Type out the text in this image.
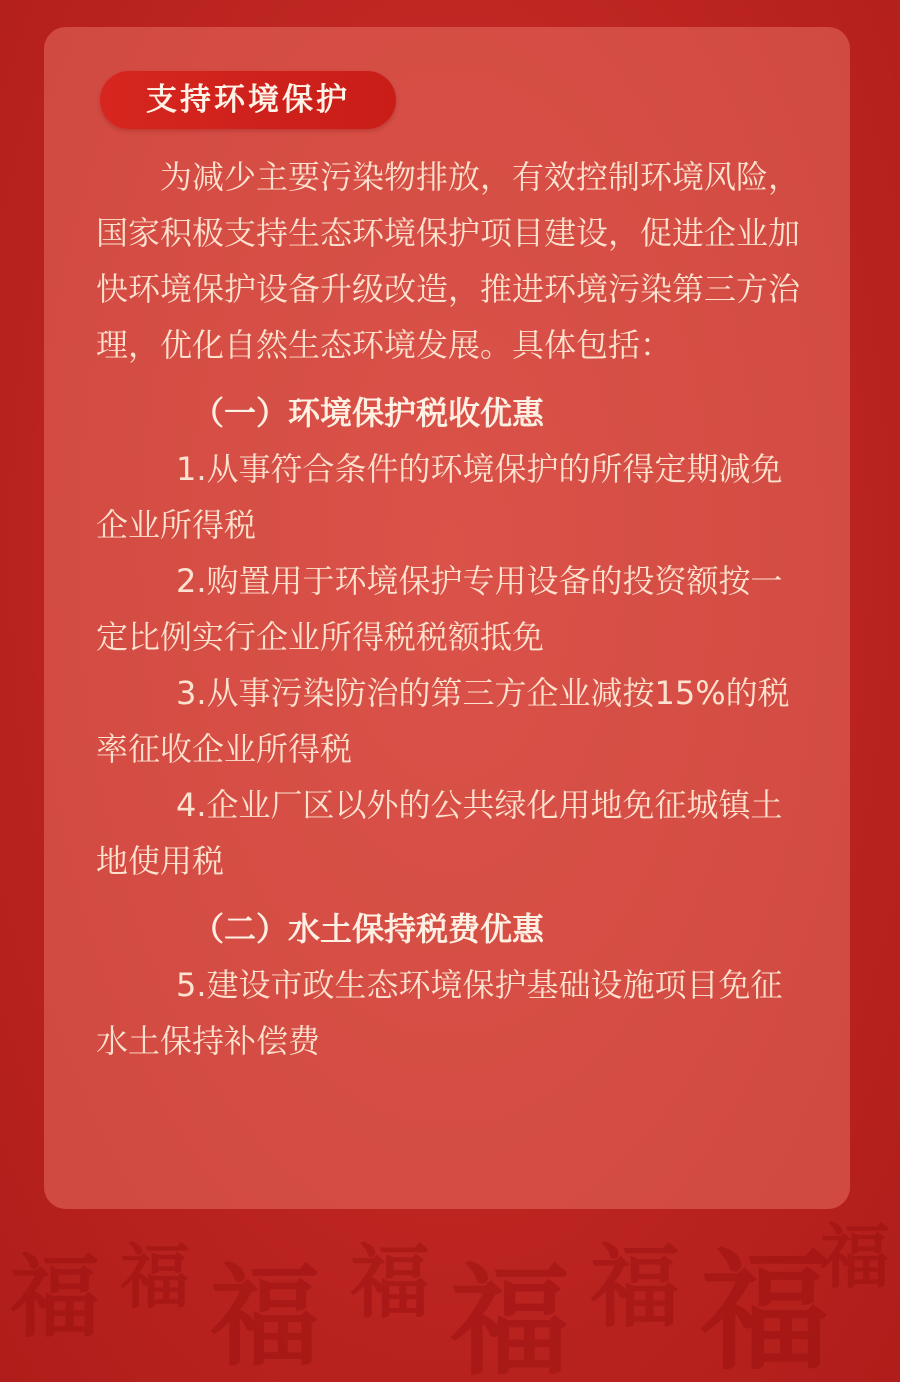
福 福 福 福 福 福 福
福
支持环境保护

为减少主要污染物排放，有效控制环境风险，国家积极支持生态环境保护项目建设，促进企业加快环境保护设备升级改造，推进环境污染第三方治理，优化自然生态环境发展。具体包括：

（一）环境保护税收优惠

1.从事符合条件的环境保护的所得定期减免企业所得税

2.购置用于环境保护专用设备的投资额按一定比例实行企业所得税税额抵免

3.从事污染防治的第三方企业减按15%的税率征收企业所得税

4.企业厂区以外的公共绿化用地免征城镇土地使用税

（二）水土保持税费优惠

5.建设市政生态环境保护基础设施项目免征水土保持补偿费
